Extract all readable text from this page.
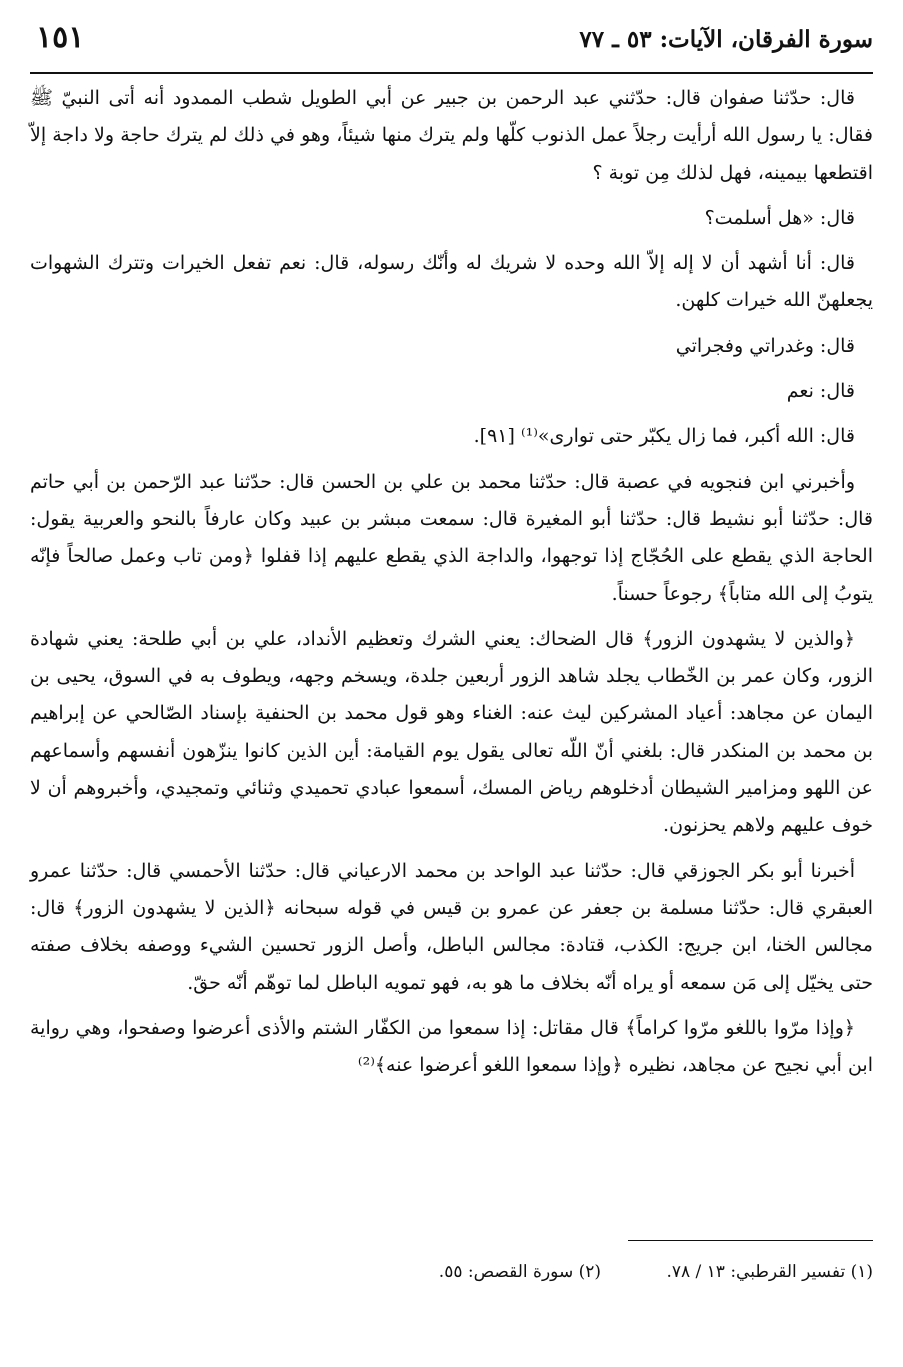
١٥١	سورة الفرقان، الآيات: ٥٣ ـ ٧٧

قال: حدّثنا صفوان قال: حدّثني عبد الرحمن بن جبير عن أبي الطويل شطب الممدود أنه أتى النبيّ ﷺ فقال: يا رسول الله أرأيت رجلاً عمل الذنوب كلّها ولم يترك منها شيئاً، وهو في ذلك لم يترك حاجة ولا داجة إلاّ اقتطعها بيمينه، فهل لذلك مِن توبة ؟

قال: «هل أسلمت؟

قال: أنا أشهد أن لا إله إلاّ الله وحده لا شريك له وأنّك رسوله، قال: نعم تفعل الخيرات وتترك الشهوات يجعلهنّ الله خيرات كلهن.

قال: وغدراتي وفجراتي

قال: نعم

قال: الله أكبر، فما زال يكبّر حتى توارى»⁽¹⁾ [٩١].

وأخبرني ابن فنجويه في عصبة قال: حدّثنا محمد بن علي بن الحسن قال: حدّثنا عبد الرّحمن بن أبي حاتم قال: حدّثنا أبو نشيط قال: حدّثنا أبو المغيرة قال: سمعت مبشر بن عبيد وكان عارفاً بالنحو والعربية يقول: الحاجة الذي يقطع على الحُجّاج إذا توجهوا، والداجة الذي يقطع عليهم إذا قفلوا ﴿ومن تاب وعمل صالحاً فإنّه يتوبُ إلى الله متاباً﴾ رجوعاً حسناً.

﴿والذين لا يشهدون الزور﴾ قال الضحاك: يعني الشرك وتعظيم الأنداد، علي بن أبي طلحة: يعني شهادة الزور، وكان عمر بن الخّطاب يجلد شاهد الزور أربعين جلدة، ويسخم وجهه، ويطوف به في السوق، يحيى بن اليمان عن مجاهد: أعياد المشركين ليث عنه: الغناء وهو قول محمد بن الحنفية بإسناد الصّالحي عن إبراهيم بن محمد بن المنكدر قال: بلغني أنّ اللّه تعالى يقول يوم القيامة: أين الذين كانوا ينزّهون أنفسهم وأسماعهم عن اللهو ومزامير الشيطان أدخلوهم رياض المسك، أسمعوا عبادي تحميدي وثنائي وتمجيدي، وأخبروهم أن لا خوف عليهم ولاهم يحزنون.

أخبرنا أبو بكر الجوزقي قال: حدّثنا عبد الواحد بن محمد الارعياني قال: حدّثنا الأحمسي قال: حدّثنا عمرو العبقري قال: حدّثنا مسلمة بن جعفر عن عمرو بن قيس في قوله سبحانه ﴿الذين لا يشهدون الزور﴾ قال: مجالس الخنا، ابن جريج: الكذب، قتادة: مجالس الباطل، وأصل الزور تحسين الشيء ووصفه بخلاف صفته حتى يخيّل إلى مَن سمعه أو يراه أنّه بخلاف ما هو به، فهو تمويه الباطل لما توهّم أنّه حقّ.

﴿وإذا مرّوا باللغو مرّوا كراماً﴾ قال مقاتل: إذا سمعوا من الكفّار الشتم والأذى أعرضوا وصفحوا، وهي رواية ابن أبي نجيح عن مجاهد، نظيره ﴿وإذا سمعوا اللغو أعرضوا عنه﴾⁽²⁾

(١) تفسير القرطبي: ١٣ / ٧٨. (٢) سورة القصص: ٥٥.
